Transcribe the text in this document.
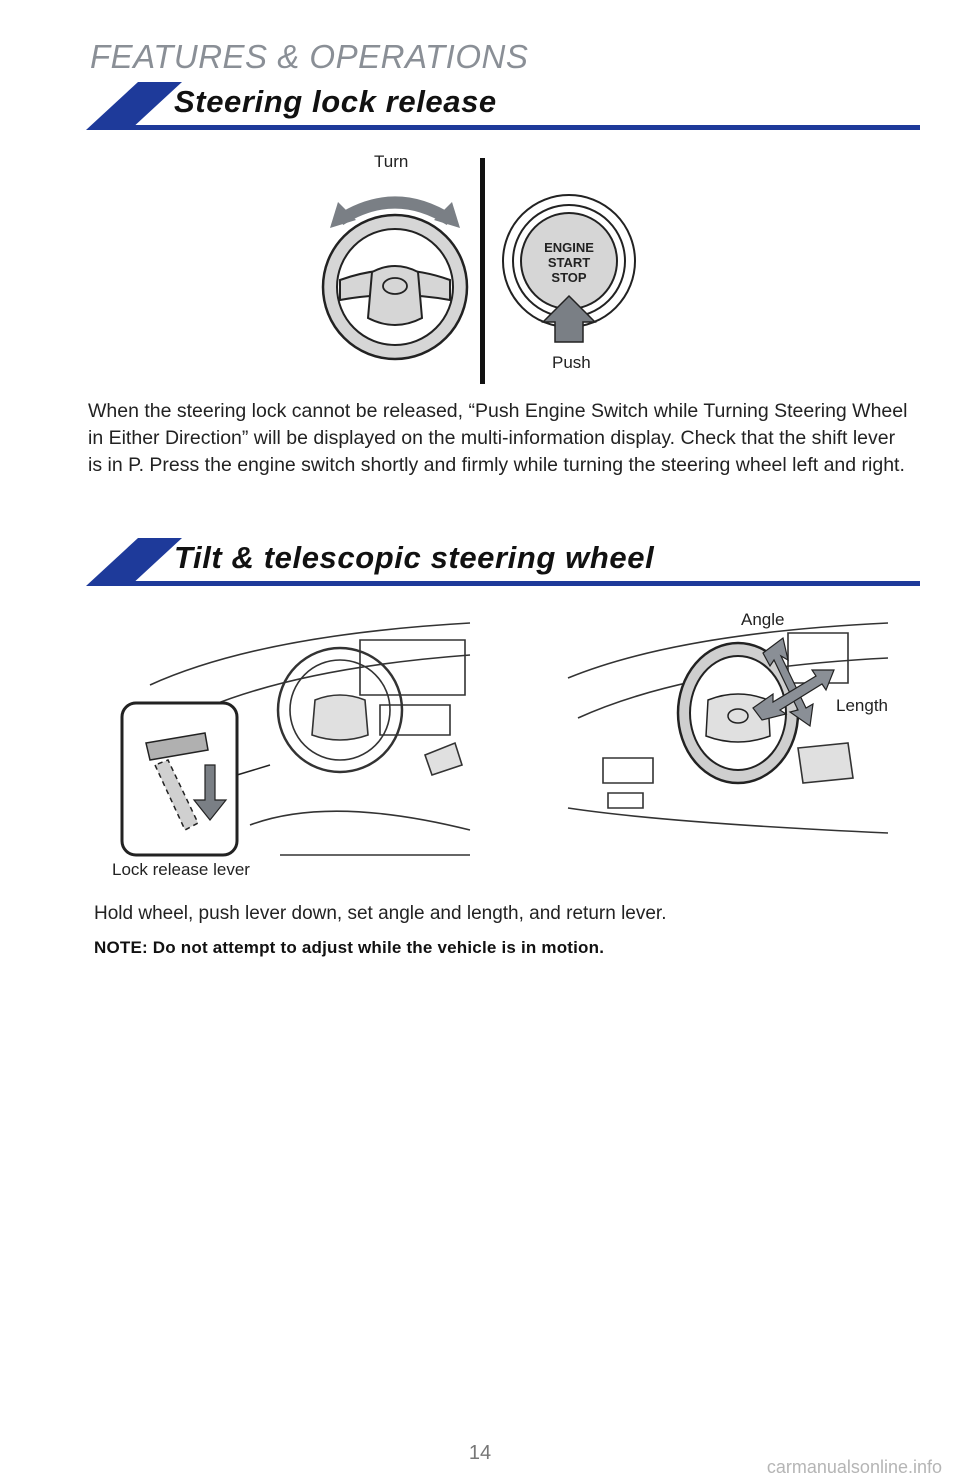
FEATURES & OPERATIONS
Steering lock release
ENGINE
START
STOP
Turn
Push
When the steering lock cannot be released, “Push Engine Switch while Turning Steering Wheel in Either Direction” will be displayed on the multi-information display. Check that the shift lever is in P. Press the engine switch shortly and firmly while turning the steering wheel left and right.
Tilt & telescopic steering wheel
Lock release lever
Angle
Length
Hold wheel, push lever down, set angle and length, and return lever.
NOTE: Do not attempt to adjust while the vehicle is in motion.
14
carmanualsonline.info
